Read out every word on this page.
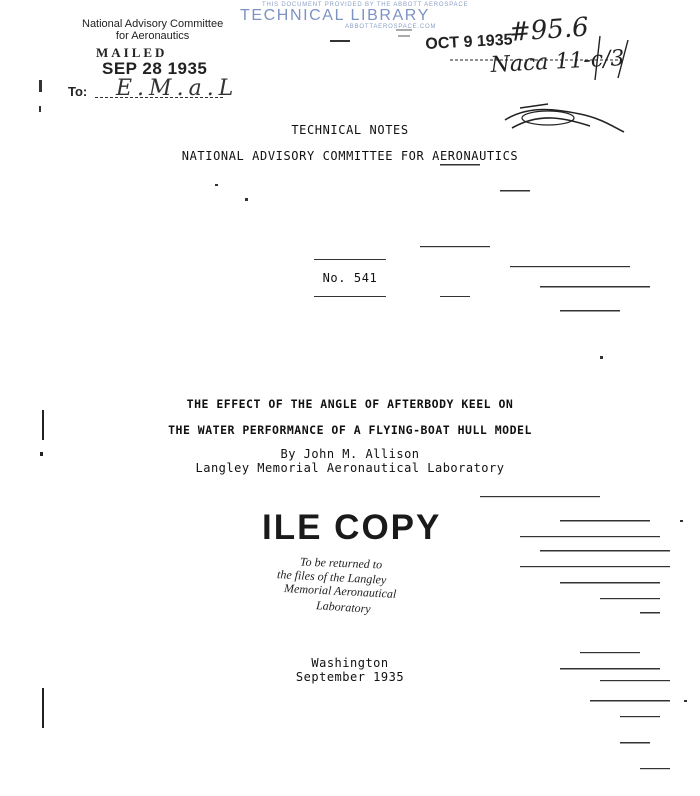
THIS DOCUMENT PROVIDED BY THE ABBOTT AEROSPACE
TECHNICAL LIBRARY
ABBOTTAEROSPACE.COM
National Advisory Committee
for Aeronautics
MAILED
SEP 28 1935
To: E.M.a.L
OCT 9 1935
#95.6
Naca 11-c/3
TECHNICAL NOTES
NATIONAL ADVISORY COMMITTEE FOR AERONAUTICS
No. 541
THE EFFECT OF THE ANGLE OF AFTERBODY KEEL ON
THE WATER PERFORMANCE OF A FLYING-BOAT HULL MODEL
By John M. Allison
Langley Memorial Aeronautical Laboratory
ILE COPY
To be returned to
the files of the Langley
Memorial Aeronautical
Laboratory
Washington
September 1935
